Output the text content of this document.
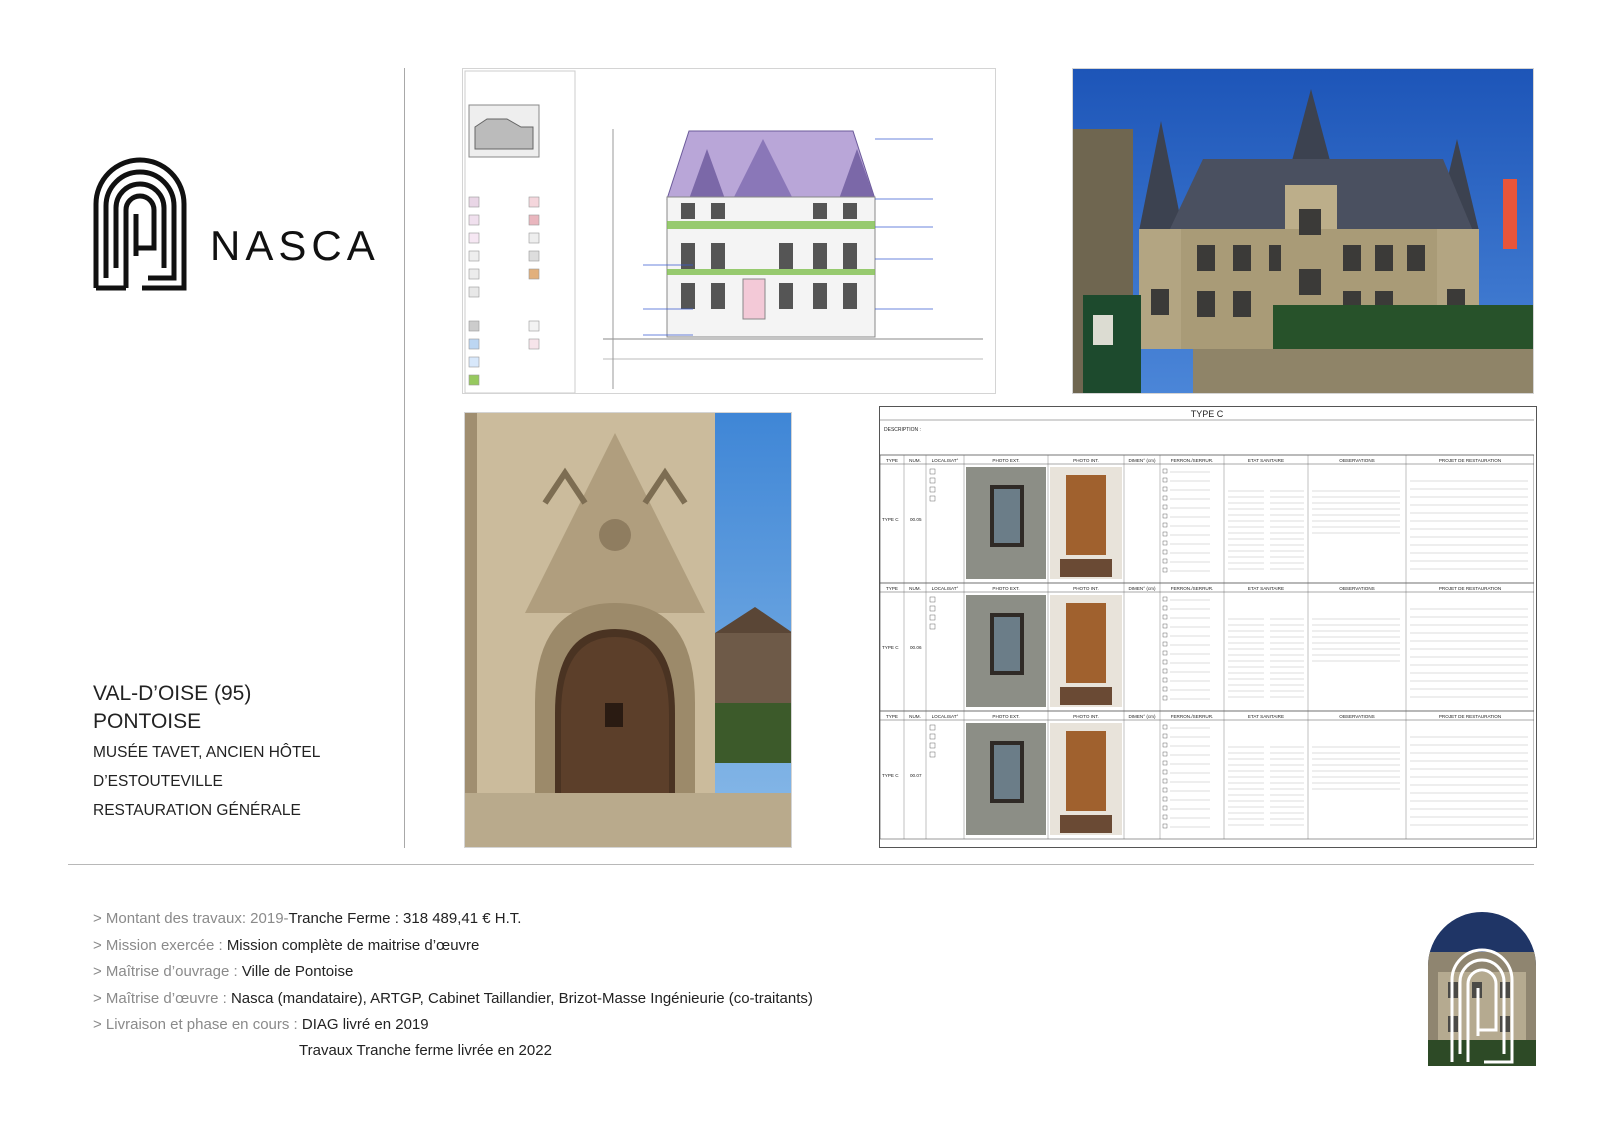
NASCA
VAL-D’OISE (95)
PONTOISE
MUSÉE TAVET, ANCIEN HÔTEL
D’ESTOUTEVILLE
RESTAURATION GÉNÉRALE
TYPE C
DESCRIPTION :
TYPE NUM. LOCALISAT°	PHOTO EXT.	PHOTO INT.	DIMEN° (cm)	FERRON./SERRUR.	ETAT SANITAIRE	OBSERVATIONS	PROJET DE RESTAURATION
TYPE C 00.05
TYPE NUM. LOCALISAT°	PHOTO EXT.	PHOTO INT.	DIMEN° (cm)	FERRON./SERRUR.	ETAT SANITAIRE	OBSERVATIONS	PROJET DE RESTAURATION
TYPE C 00.06
TYPE NUM. LOCALISAT°	PHOTO EXT.	PHOTO INT.	DIMEN° (cm)	FERRON./SERRUR.	ETAT SANITAIRE	OBSERVATIONS	PROJET DE RESTAURATION
TYPE C 00.07
> Montant des travaux: 2019-Tranche Ferme : 318 489,41 € H.T.
> Mission exercée : Mission complète de maitrise d’œuvre
> Maîtrise d’ouvrage : Ville de Pontoise
> Maîtrise d’œuvre : Nasca (mandataire), ARTGP, Cabinet Taillandier, Brizot-Masse Ingénieurie (co-traitants)
> Livraison et phase en cours : DIAG livré en 2019
Travaux Tranche ferme livrée en 2022
